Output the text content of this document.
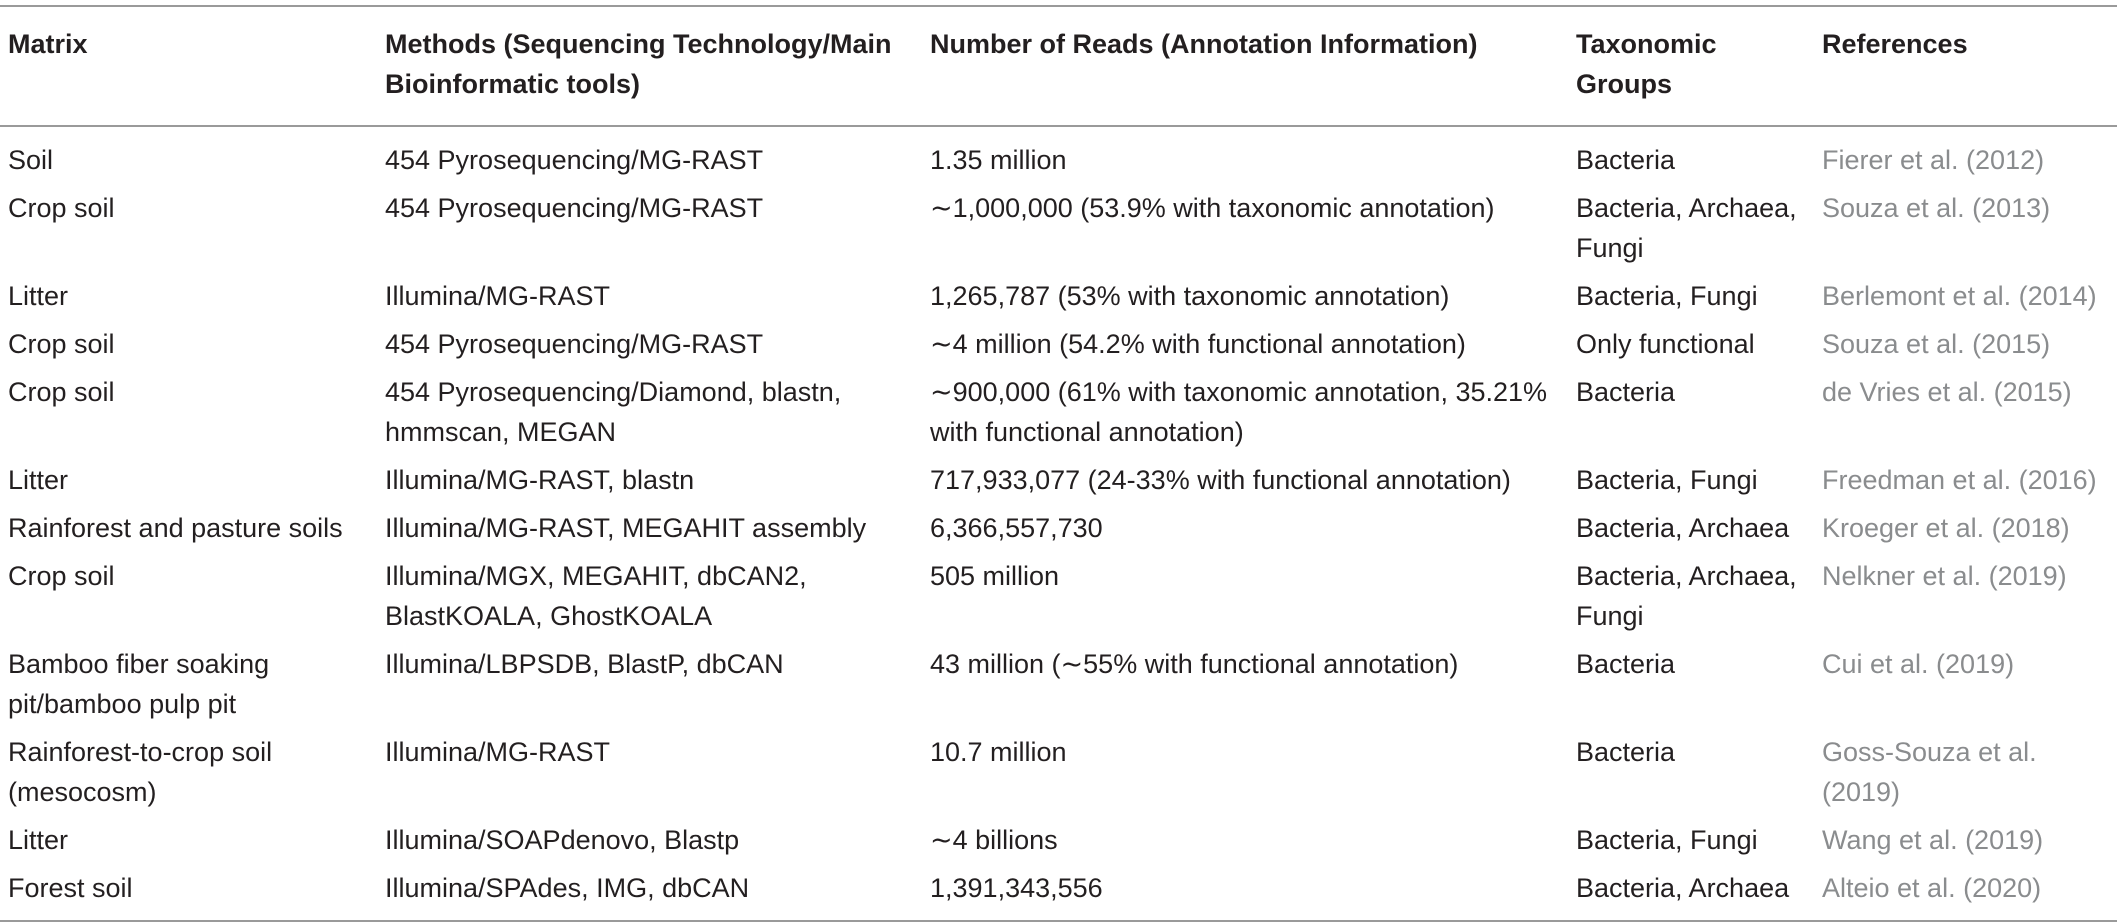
Matrix	Methods (Sequencing Technology/Main Bioinformatic tools)	Number of Reads (Annotation Information)	Taxonomic Groups	References
Soil	454 Pyrosequencing/MG-RAST	1.35 million	Bacteria	Fierer et al. (2012)
Crop soil	454 Pyrosequencing/MG-RAST	∼1,000,000 (53.9% with taxonomic annotation)	Bacteria, Archaea, Fungi	Souza et al. (2013)
Litter	Illumina/MG-RAST	1,265,787 (53% with taxonomic annotation)	Bacteria, Fungi	Berlemont et al. (2014)
Crop soil	454 Pyrosequencing/MG-RAST	∼4 million (54.2% with functional annotation)	Only functional	Souza et al. (2015)
Crop soil	454 Pyrosequencing/Diamond, blastn, hmmscan, MEGAN	∼900,000 (61% with taxonomic annotation, 35.21% with functional annotation)	Bacteria	de Vries et al. (2015)
Litter	Illumina/MG-RAST, blastn	717,933,077 (24-33% with functional annotation)	Bacteria, Fungi	Freedman et al. (2016)
Rainforest and pasture soils	Illumina/MG-RAST, MEGAHIT assembly	6,366,557,730	Bacteria, Archaea	Kroeger et al. (2018)
Crop soil	Illumina/MGX, MEGAHIT, dbCAN2, BlastKOALA, GhostKOALA	505 million	Bacteria, Archaea, Fungi	Nelkner et al. (2019)
Bamboo fiber soaking pit/bamboo pulp pit	Illumina/LBPSDB, BlastP, dbCAN	43 million (∼55% with functional annotation)	Bacteria	Cui et al. (2019)
Rainforest-to-crop soil (mesocosm)	Illumina/MG-RAST	10.7 million	Bacteria	Goss-Souza et al. (2019)
Litter	Illumina/SOAPdenovo, Blastp	∼4 billions	Bacteria, Fungi	Wang et al. (2019)
Forest soil	Illumina/SPAdes, IMG, dbCAN	1,391,343,556	Bacteria, Archaea	Alteio et al. (2020)
